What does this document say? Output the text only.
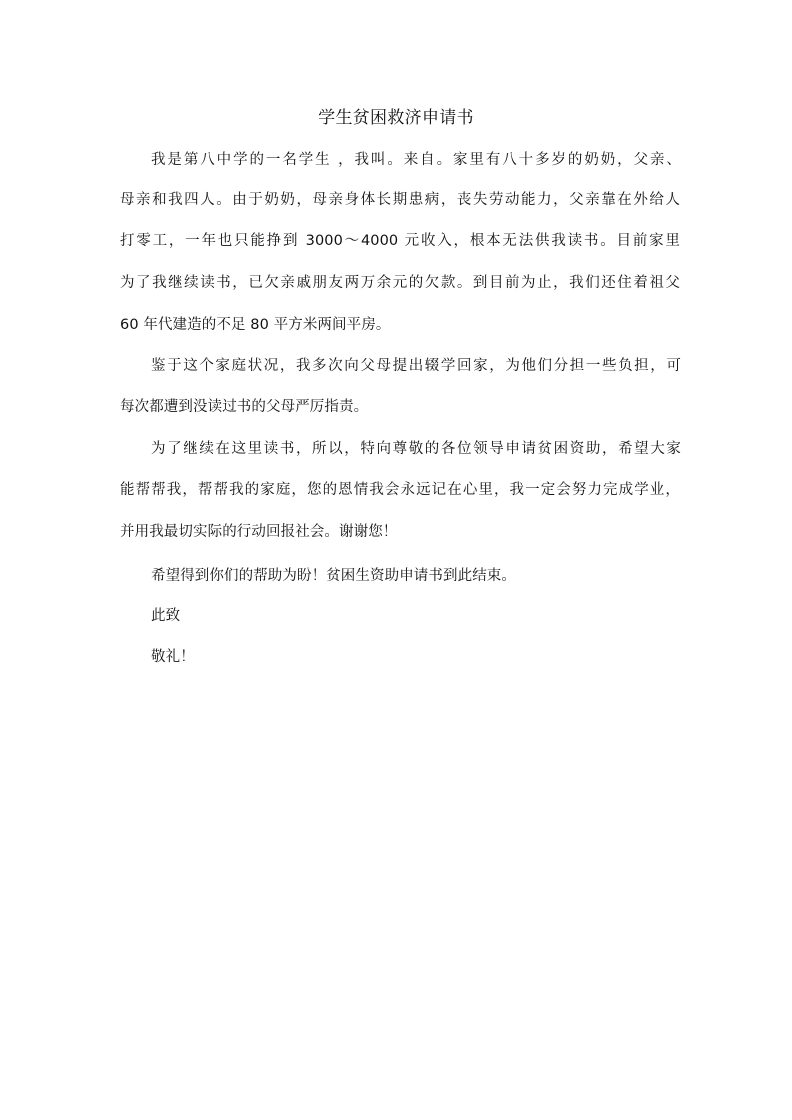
学生贫困救济申请书
我是第八中学的一名学生 ，我叫。来自。家里有八十多岁的奶奶，父亲、
母亲和我四人。由于奶奶，母亲身体长期患病，丧失劳动能力，父亲靠在外给人
打零工，一年也只能挣到 3000～4000 元收入，根本无法供我读书。目前家里
为了我继续读书，已欠亲戚朋友两万余元的欠款。到目前为止，我们还住着祖父
60 年代建造的不足 80 平方米两间平房。
鉴于这个家庭状况，我多次向父母提出辍学回家，为他们分担一些负担，可
每次都遭到没读过书的父母严厉指责。
为了继续在这里读书，所以，特向尊敬的各位领导申请贫困资助，希望大家
能帮帮我，帮帮我的家庭，您的恩情我会永远记在心里，我一定会努力完成学业，
并用我最切实际的行动回报社会。谢谢您！
希望得到你们的帮助为盼！贫困生资助申请书到此结束。
此致
敬礼！
